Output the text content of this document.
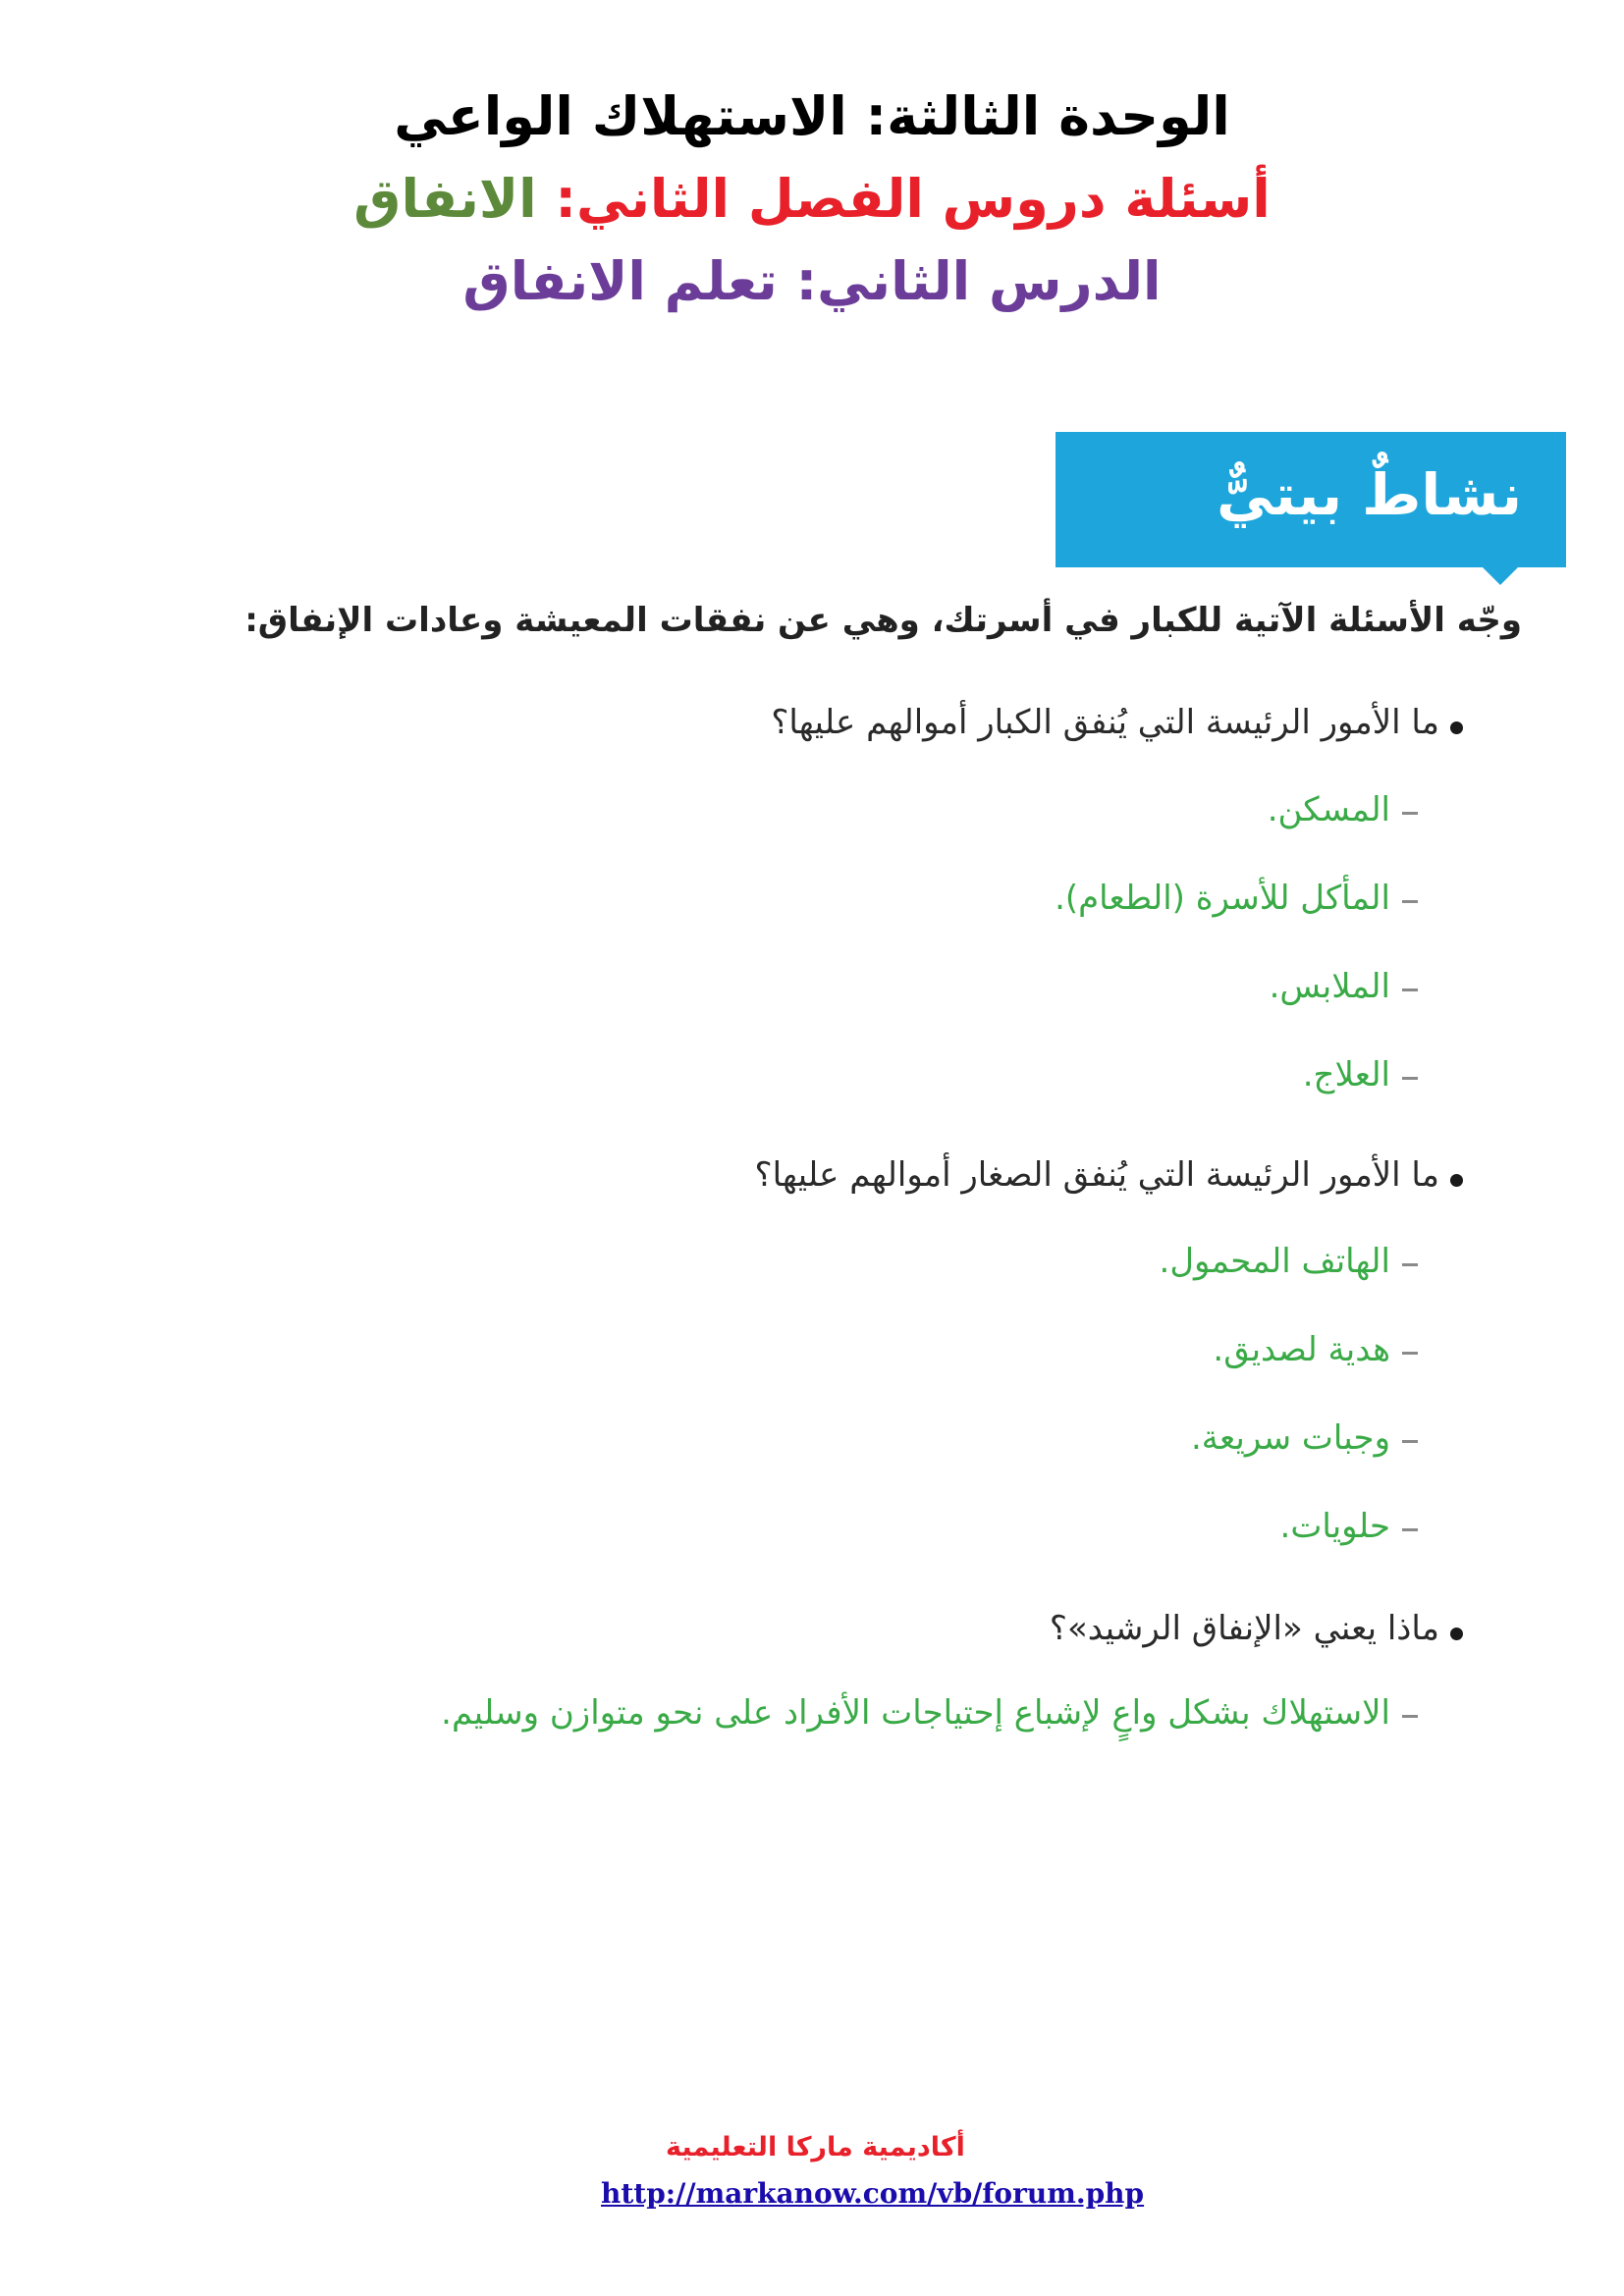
الوحدة الثالثة: الاستهلاك الواعي
أسئلة دروس الفصل الثاني: الانفاق
الدرس الثاني: تعلم الانفاق
نشاطٌ بيتيٌّ
وجّه الأسئلة الآتية للكبار في أسرتك، وهي عن نفقات المعيشة وعادات الإنفاق:
ما الأمور الرئيسة التي يُنفق الكبار أموالهم عليها؟
المسكن.
المأكل للأسرة (الطعام).
الملابس.
العلاج.
ما الأمور الرئيسة التي يُنفق الصغار أموالهم عليها؟
الهاتف المحمول.
هدية لصديق.
وجبات سريعة.
حلويات.
ماذا يعني «الإنفاق الرشيد»؟
الاستهلاك بشكل واعٍ لإشباع إحتياجات الأفراد على نحو متوازن وسليم.
أكاديمية ماركا التعليمية
http://markanow.com/vb/forum.php
